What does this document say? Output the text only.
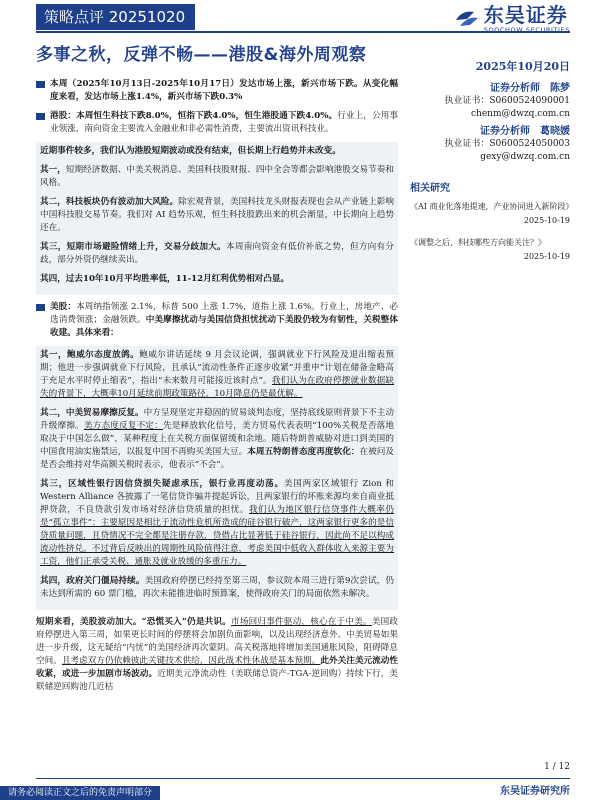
策略点评 20251020	东吴证券
SOOCHOW SECURITIES
多事之秋，反弹不畅——港股&海外周观察
2025年10月20日
本周（2025年10月13日-2025年10月17日）发达市场上涨，新兴市场下跌。从变化幅度来看，发达市场上涨1.4%，新兴市场下跌0.3%
港股：本周恒生科技下跌8.0%，恒指下跌4.0%，恒生港股通下跌4.0%。行业上，公用事业领涨，南向资金主要流入金融业和非必需性消费，主要流出资讯科技业。

近期事件较多，我们认为港股短期波动或没有结束，但长期上行趋势并未改变。

其一，短期经济数据、中美关税消息、美国科技股财报、四中全会等都会影响港股交易节奏和风格。

其二，科技板块仍有波动加大风险。除宏观背景，美国科技龙头财报表现也会从产业链上影响中国科技股交易节奏。我们对 AI 趋势乐观，恒生科技股跌出来的机会渐显，中长期向上趋势还在。

其三，短期市场避险情绪上升，交易分歧加大。本周南向资金有低价补底之势，但方向有分歧，部分外资仍继续卖出。

其四，过去10年10月平均胜率低，11-12月红利优势相对凸显。

美股：本周纳指领涨 2.1%，标普 500 上涨 1.7%，道指上涨 1.6%。行业上，房地产、必选消费领涨；金融领跌。中美摩擦扰动与美国信贷担忧扰动下美股仍较为有韧性，关税整体收建。具体来看：

其一，鲍威尔态度放鸽。鲍威尔讲话延续 9 月会议论调，强调就业下行风险及退出缩表预期；他进一步强调就业下行风险，且承认“流动性条件正逐步收紧”并重申“计划在储备金略高于充足水平时停止缩表”，指出“未来数月可能接近该时点”。我们认为在政府停摆就业数据缺失的背景下，大概率10月延续前期政策路径，10月降息仍是最优解。

其二，中美贸易摩擦反复。中方呈现坚定并稳固的贸易谈判态度，坚持底线原则背景下不主动升级摩擦。美方态度反复不定：先是释放软化信号，美方贸易代表表明“100%关税是否落地取决于中国怎么做”，某种程度上在关税方面保留缓和余地。随后特朗普威胁对进口到美国的中国食用油实施禁运，以报复中国不再购买美国大豆。本周五特朗普态度再度软化：在被问及是否会维持对华高额关税时表示，他表示“不会”。

其三，区域性银行因信贷损失疑虑承压，银行业再度动荡。美国两家区域银行 Zion 和 Western Alliance 各披露了一笔信贷诈骗并提起诉讼，且两家银行的坏账来源均来自商业抵押贷款，不良贷款引发市场对经济信贷质量的担忧。我们认为地区银行信贷事件大概率仍是“孤立事件”：主要原因是相比于流动性危机所造成的硅谷银行破产，这两家银行更多的是信贷质量问题，且贷情况不完全都是注册存款，贷借占比显著低于硅谷银行，因此尚不足以构成流动性挤兑。不过背后反映出的周期性风险值得注意，考虑美国中低收入群体收入来源主要为工资，他们正承受关税、通胀及就业放缓的多重压力。

其四，政府关门僵局持续。美国政府停摆已经持至第三周，参议院本周三进行第9次尝试，仍未达到所需的 60 票门槛，再次未能推进临时预算案，使得政府关门的局面依然未解决。

短期来看，美股波动加大。“恐慌买入”仍是共识。市场回归事件驱动，核心在于中美。美国政府停摆进入第三周，如果更长时间的停摆将会加剧负面影响，以及出现经济意外。中美贸易如果进一步升级，这无疑给“内忧”的美国经济再次蒙阴。高关税落地将增加美国通胀风险，阻碍降息空间。且考虑双方仍依赖彼此关键技术供给，因此战术性休战是基本预期。此外关注美元流动性收紧，或进一步加剧市场波动。近期美元净流动性（美联储总资产-TGA-逆回购）持续下行，美联储逆回购池几近枯

证券分析师　陈梦
执业证书：S0600524090001
chenm@dwzq.com.cn
证券分析师　葛晓媛
执业证书：S0600524050003
gexy@dwzq.com.cn
相关研究
《AI 商业化落地提速，产业协同进入新阶段》
2025-10-19
《调整之后，科技哪些方向能关注？》
2025-10-19
1 / 12
请务必阅读正文之后的免责声明部分	东吴证券研究所
